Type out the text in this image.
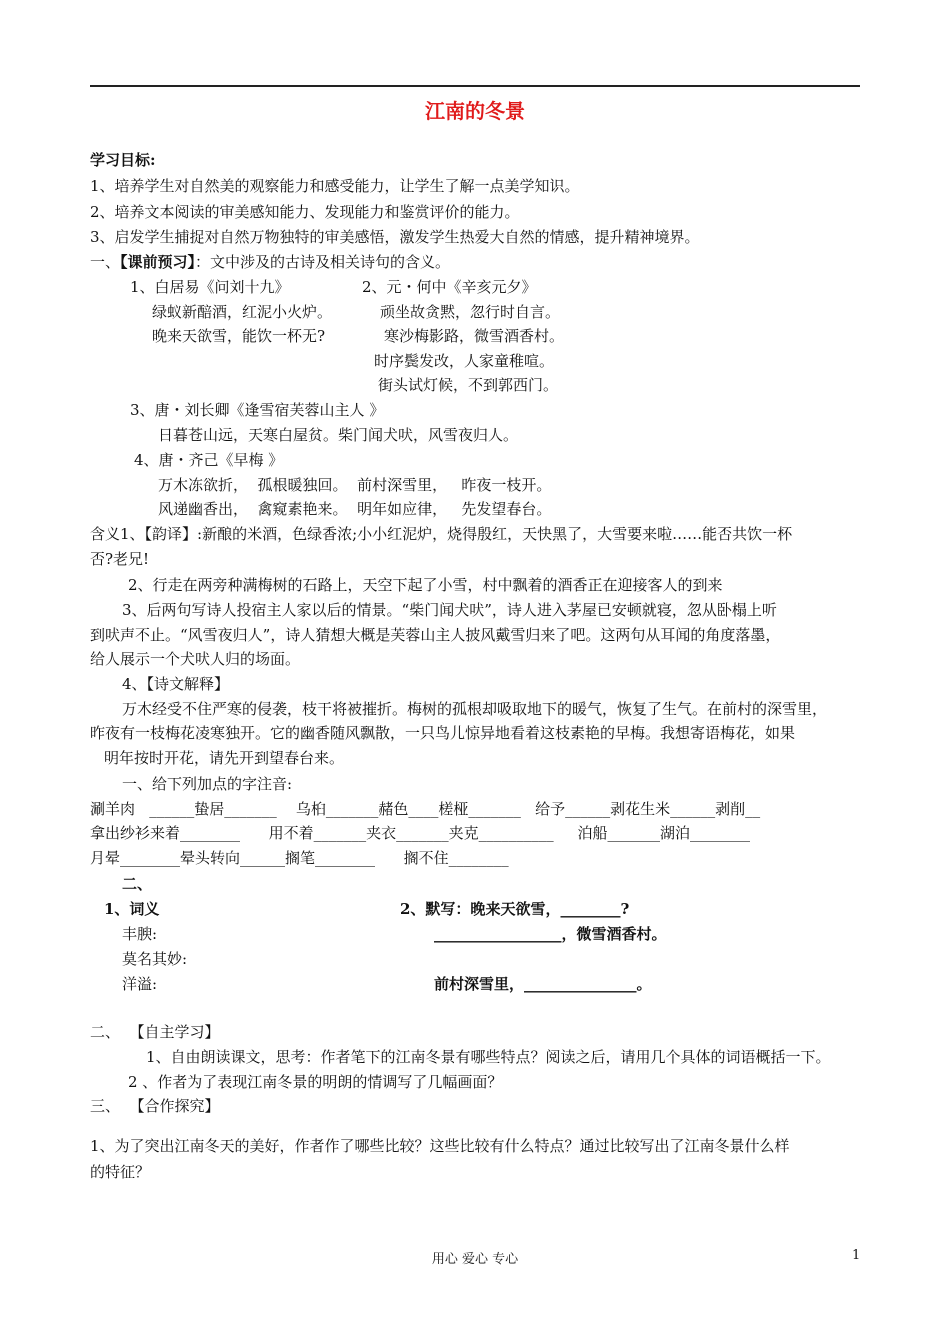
江南的冬景
学习目标:
1、培养学生对自然美的观察能力和感受能力，让学生了解一点美学知识。
2、培养文本阅读的审美感知能力、发现能力和鉴赏评价的能力。
3、启发学生捕捉对自然万物独特的审美感悟，激发学生热爱大自然的情感，提升精神境界。
一、【课前预习】：文中涉及的古诗及相关诗句的含义。
1、白居易《问刘十九》	2、元・何中《辛亥元夕》
绿蚁新醅酒，红泥小火炉。	顽坐故贪黙，忽行时自言。
晚来天欲雪，能饮一杯无?	寒沙梅影路，微雪酒香村。
时序鬓发改，人家童稚喧。
街头试灯候，不到郭西门。
3、唐・刘长卿《逢雪宿芙蓉山主人 》
日暮苍山远，天寒白屋贫。柴门闻犬吠，风雪夜归人。
4、唐・齐己《早梅 》
万木冻欲折，  孤根暖独回。  前村深雪里，   昨夜一枝开。
风递幽香出，  禽窥素艳来。  明年如应律，   先发望春台。
含义1、【韵译】:新酿的米酒，色绿香浓;小小红泥炉，烧得殷红，天快黑了，大雪要来啦……能否共饮一杯
否?老兄!
2、行走在两旁种满梅树的石路上，天空下起了小雪，村中飘着的酒香正在迎接客人的到来
3、后两句写诗人投宿主人家以后的情景。“柴门闻犬吠”，诗人进入茅屋已安顿就寝，忽从卧榻上听
到吠声不止。“风雪夜归人”，诗人猜想大概是芙蓉山主人披风戴雪归来了吧。这两句从耳闻的角度落墨，
给人展示一个犬吠人归的场面。
4、【诗文解释】
万木经受不住严寒的侵袭，枝干将被摧折。梅树的孤根却吸取地下的暖气，恢复了生气。在前村的深雪里，
昨夜有一枝梅花凌寒独开。它的幽香随风飘散，一只鸟儿惊异地看着这枝素艳的早梅。我想寄语梅花，如果
明年按时开花，请先开到望春台来。
一、给下列加点的字注音:
涮羊肉   ______蛰居_______    乌桕_______赭色____槎桠_______   给予______剥花生米______剥削__
拿出纱衫来着________      用不着_______夹衣_______夹克__________     泊船_______湖泊________
月晕________晕头转向______搁笔________      搁不住________
二、
1、词义	2、默写：晚来天欲雪，________?
丰腴:	_________________，微雪酒香村。
莫名其妙:
洋溢:	前村深雪里，_______________。
二、  【自主学习】
1、自由朗读课文，思考：作者笔下的江南冬景有哪些特点？阅读之后，请用几个具体的词语概括一下。
2 、作者为了表现江南冬景的明朗的情调写了几幅画面？
三、  【合作探究】
1、为了突出江南冬天的美好，作者作了哪些比较？这些比较有什么特点？通过比较写出了江南冬景什么样
的特征？
用心 爱心 专心	1
